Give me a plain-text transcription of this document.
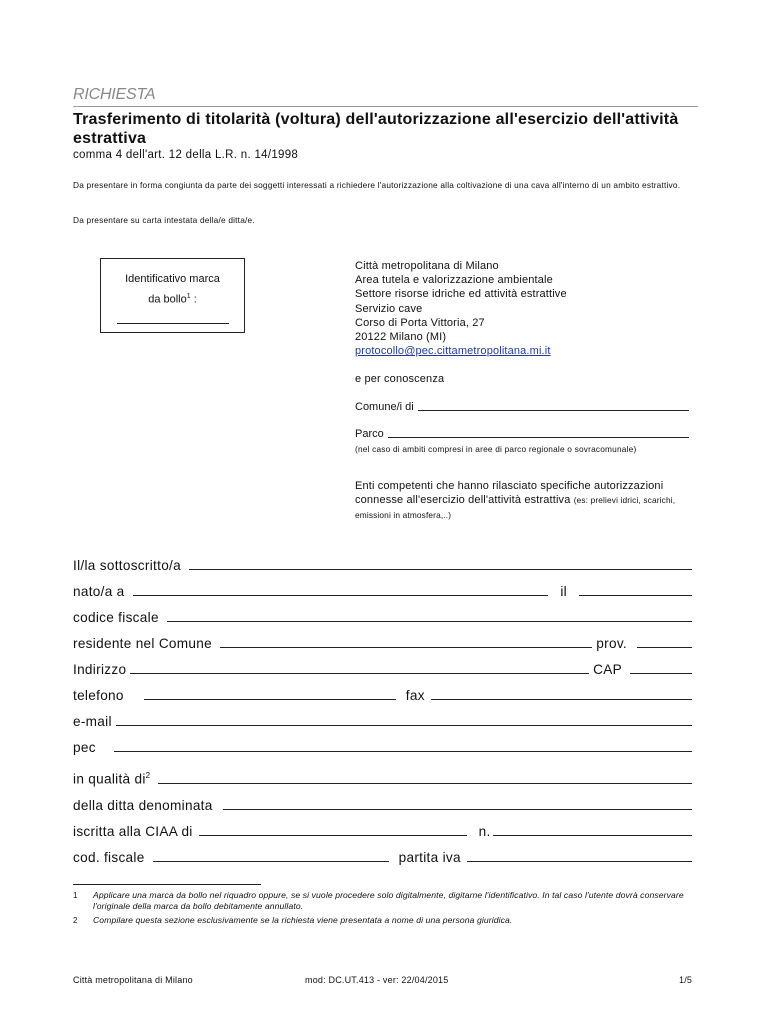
RICHIESTA
Trasferimento di titolarità (voltura) dell'autorizzazione all'esercizio dell'attività estrattiva
comma 4 dell'art. 12 della L.R. n. 14/1998
Da presentare in forma congiunta da parte dei soggetti interessati a richiedere l'autorizzazione alla coltivazione di una cava all'interno di un ambito estrattivo.
Da presentare su carta intestata della/e ditta/e.
Identificativo marca
da bollo$^1$ :
Città metropolitana di Milano
Area tutela e valorizzazione ambientale
Settore risorse idriche ed attività estrattive
Servizio cave
Corso di Porta Vittoria, 27
20122 Milano (MI)
protocollo@pec.cittametropolitana.mi.it
e per conoscenza
Comune/i di
Parco
(nel caso di ambiti compresi in aree di parco regionale o sovracomunale)
Enti competenti che hanno rilasciato specifiche autorizzazioni connesse all'esercizio dell'attività estrattiva (es: prelievi idrici, scarichi, emissioni in atmosfera,..)
Il/la sottoscritto/a
nato/a a	il
codice fiscale
residente nel Comune	prov.
Indirizzo	CAP
telefono	fax
e-mail
pec
in qualità $di^2$
della ditta denominata
iscritta alla CIAA di	n.
cod. fiscale	partita iva
1	Applicare una marca da bollo nel riquadro oppure, se si vuole procedere solo digitalmente, digitarne l'identificativo. In tal caso l'utente dovrà conservare l'originale della marca da bollo debitamente annullato.
2	Compilare questa sezione esclusivamente se la richiesta viene presentata a nome di una persona giuridica.
Città metropolitana di Milano	mod: DC.UT.413 - ver: 22/04/2015	1/5
